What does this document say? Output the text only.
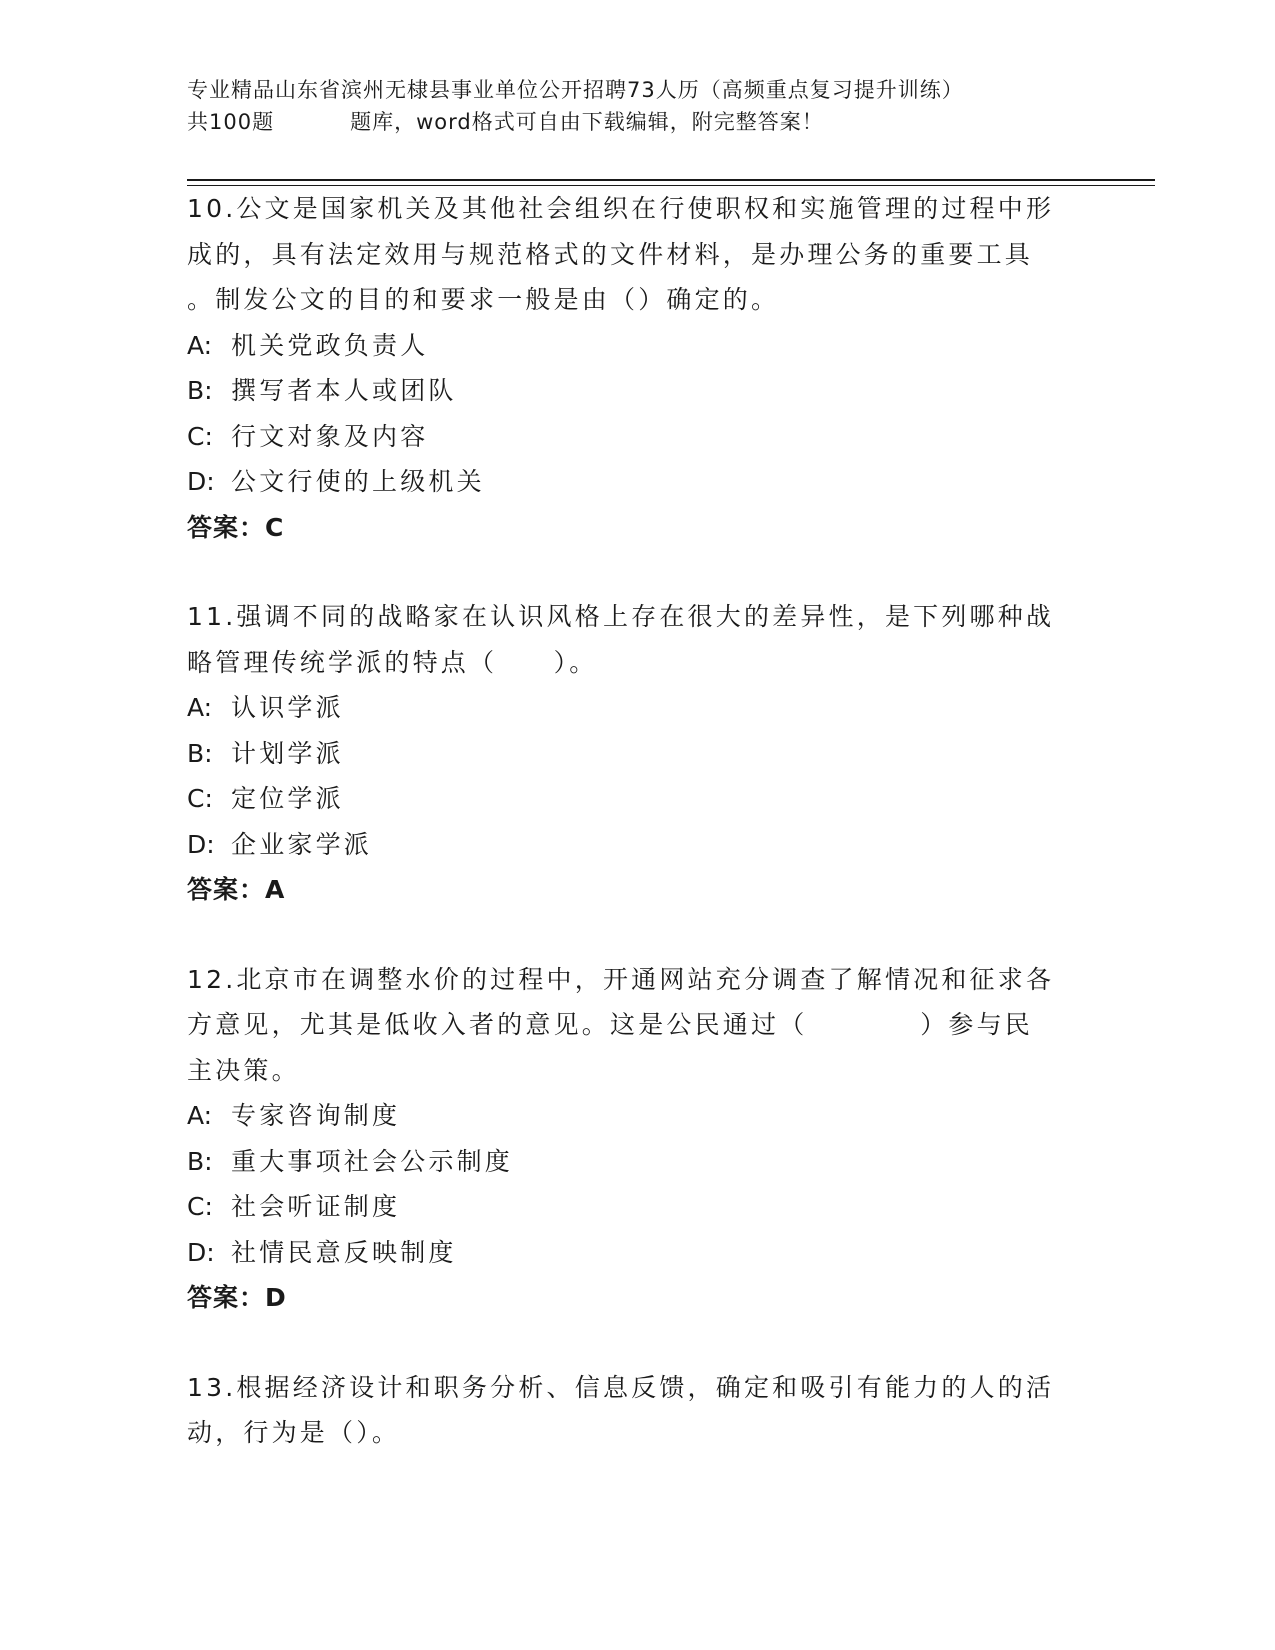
专业精品山东省滨州无棣县事业单位公开招聘73人历（高频重点复习提升训练）
共100题	题库，word格式可自由下载编辑，附完整答案！

10.公文是国家机关及其他社会组织在行使职权和实施管理的过程中形

成的，具有法定效用与规范格式的文件材料，是办理公务的重要工具

。制发公文的目的和要求一般是由（）确定的。

A: 机关党政负责人

B: 撰写者本人或团队

C: 行文对象及内容

D: 公文行使的上级机关

答案：C

11.强调不同的战略家在认识风格上存在很大的差异性，是下列哪种战

略管理传统学派的特点（　　）。

A: 认识学派

B: 计划学派

C: 定位学派

D: 企业家学派

答案：A

12.北京市在调整水价的过程中，开通网站充分调查了解情况和征求各

方意见，尤其是低收入者的意见。这是公民通过（　　　　）参与民

主决策。

A: 专家咨询制度

B: 重大事项社会公示制度

C: 社会听证制度

D: 社情民意反映制度

答案：D

13.根据经济设计和职务分析、信息反馈，确定和吸引有能力的人的活

动，行为是（）。
